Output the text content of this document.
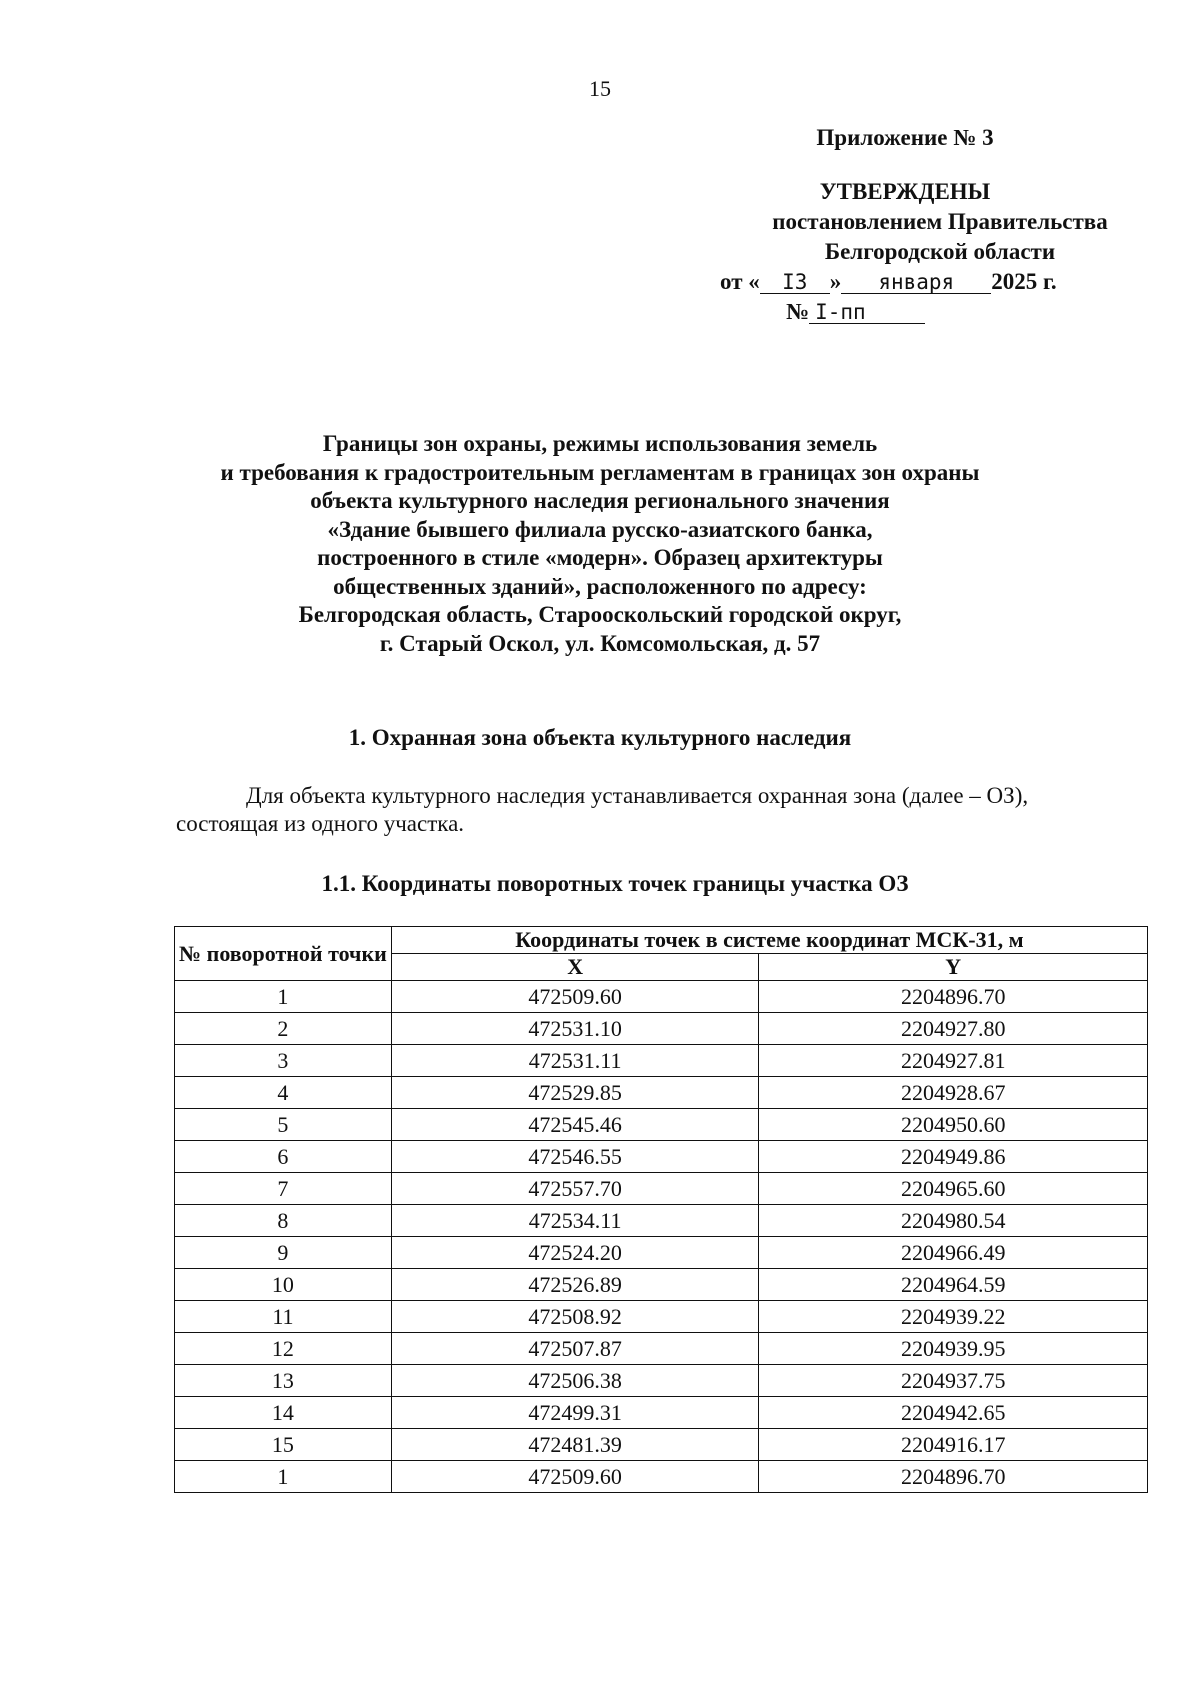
15
Приложение № 3
УТВЕРЖДЕНЫ
постановлением Правительства
Белгородской области
от « I3 » января 2025 г.
№ I-пп
Границы зон охраны, режимы использования земель
и требования к градостроительным регламентам в границах зон охраны
объекта культурного наследия регионального значения
«Здание бывшего филиала русско-азиатского банка,
построенного в стиле «модерн». Образец архитектуры
общественных зданий», расположенного по адресу:
Белгородская область, Старооскольский городской округ,
г. Старый Оскол, ул. Комсомольская, д. 57
1. Охранная зона объекта культурного наследия
Для объекта культурного наследия устанавливается охранная зона (далее – ОЗ),
состоящая из одного участка.
1.1. Координаты поворотных точек границы участка ОЗ
№ поворотной точки	Координаты точек в системе координат МСК-31, м	
	X	Y
1	472509.60	2204896.70
2	472531.10	2204927.80
3	472531.11	2204927.81
4	472529.85	2204928.67
5	472545.46	2204950.60
6	472546.55	2204949.86
7	472557.70	2204965.60
8	472534.11	2204980.54
9	472524.20	2204966.49
10	472526.89	2204964.59
11	472508.92	2204939.22
12	472507.87	2204939.95
13	472506.38	2204937.75
14	472499.31	2204942.65
15	472481.39	2204916.17
1	472509.60	2204896.70
